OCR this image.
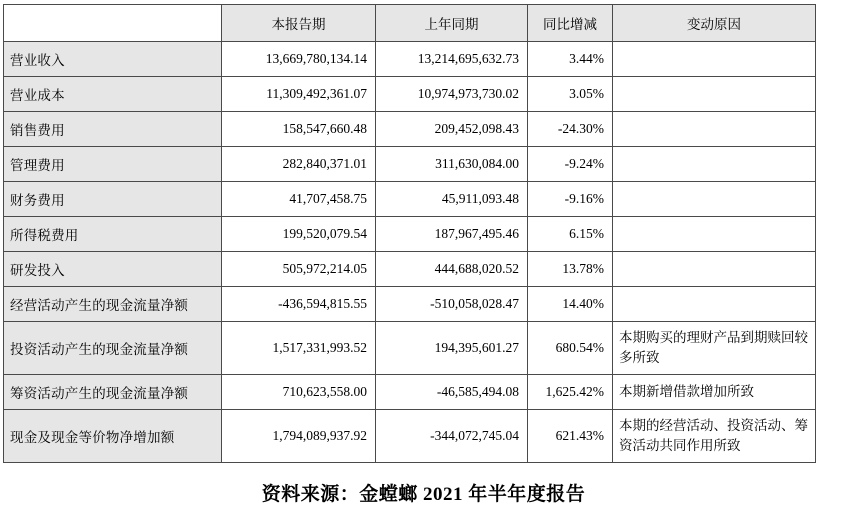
	本报告期	上年同期	同比增减	变动原因
营业收入	13,669,780,134.14	13,214,695,632.73	3.44%	
营业成本	11,309,492,361.07	10,974,973,730.02	3.05%	
销售费用	158,547,660.48	209,452,098.43	-24.30%	
管理费用	282,840,371.01	311,630,084.00	-9.24%	
财务费用	41,707,458.75	45,911,093.48	-9.16%	
所得税费用	199,520,079.54	187,967,495.46	6.15%	
研发投入	505,972,214.05	444,688,020.52	13.78%	
经营活动产生的现金流量净额	-436,594,815.55	-510,058,028.47	14.40%	
投资活动产生的现金流量净额	1,517,331,993.52	194,395,601.27	680.54%	本期购买的理财产品到期赎回较多所致
筹资活动产生的现金流量净额	710,623,558.00	-46,585,494.08	1,625.42%	本期新增借款增加所致
现金及现金等价物净增加额	1,794,089,937.92	-344,072,745.04	621.43%	本期的经营活动、投资活动、筹资活动共同作用所致
资料来源：金螳螂 2021 年半年度报告
